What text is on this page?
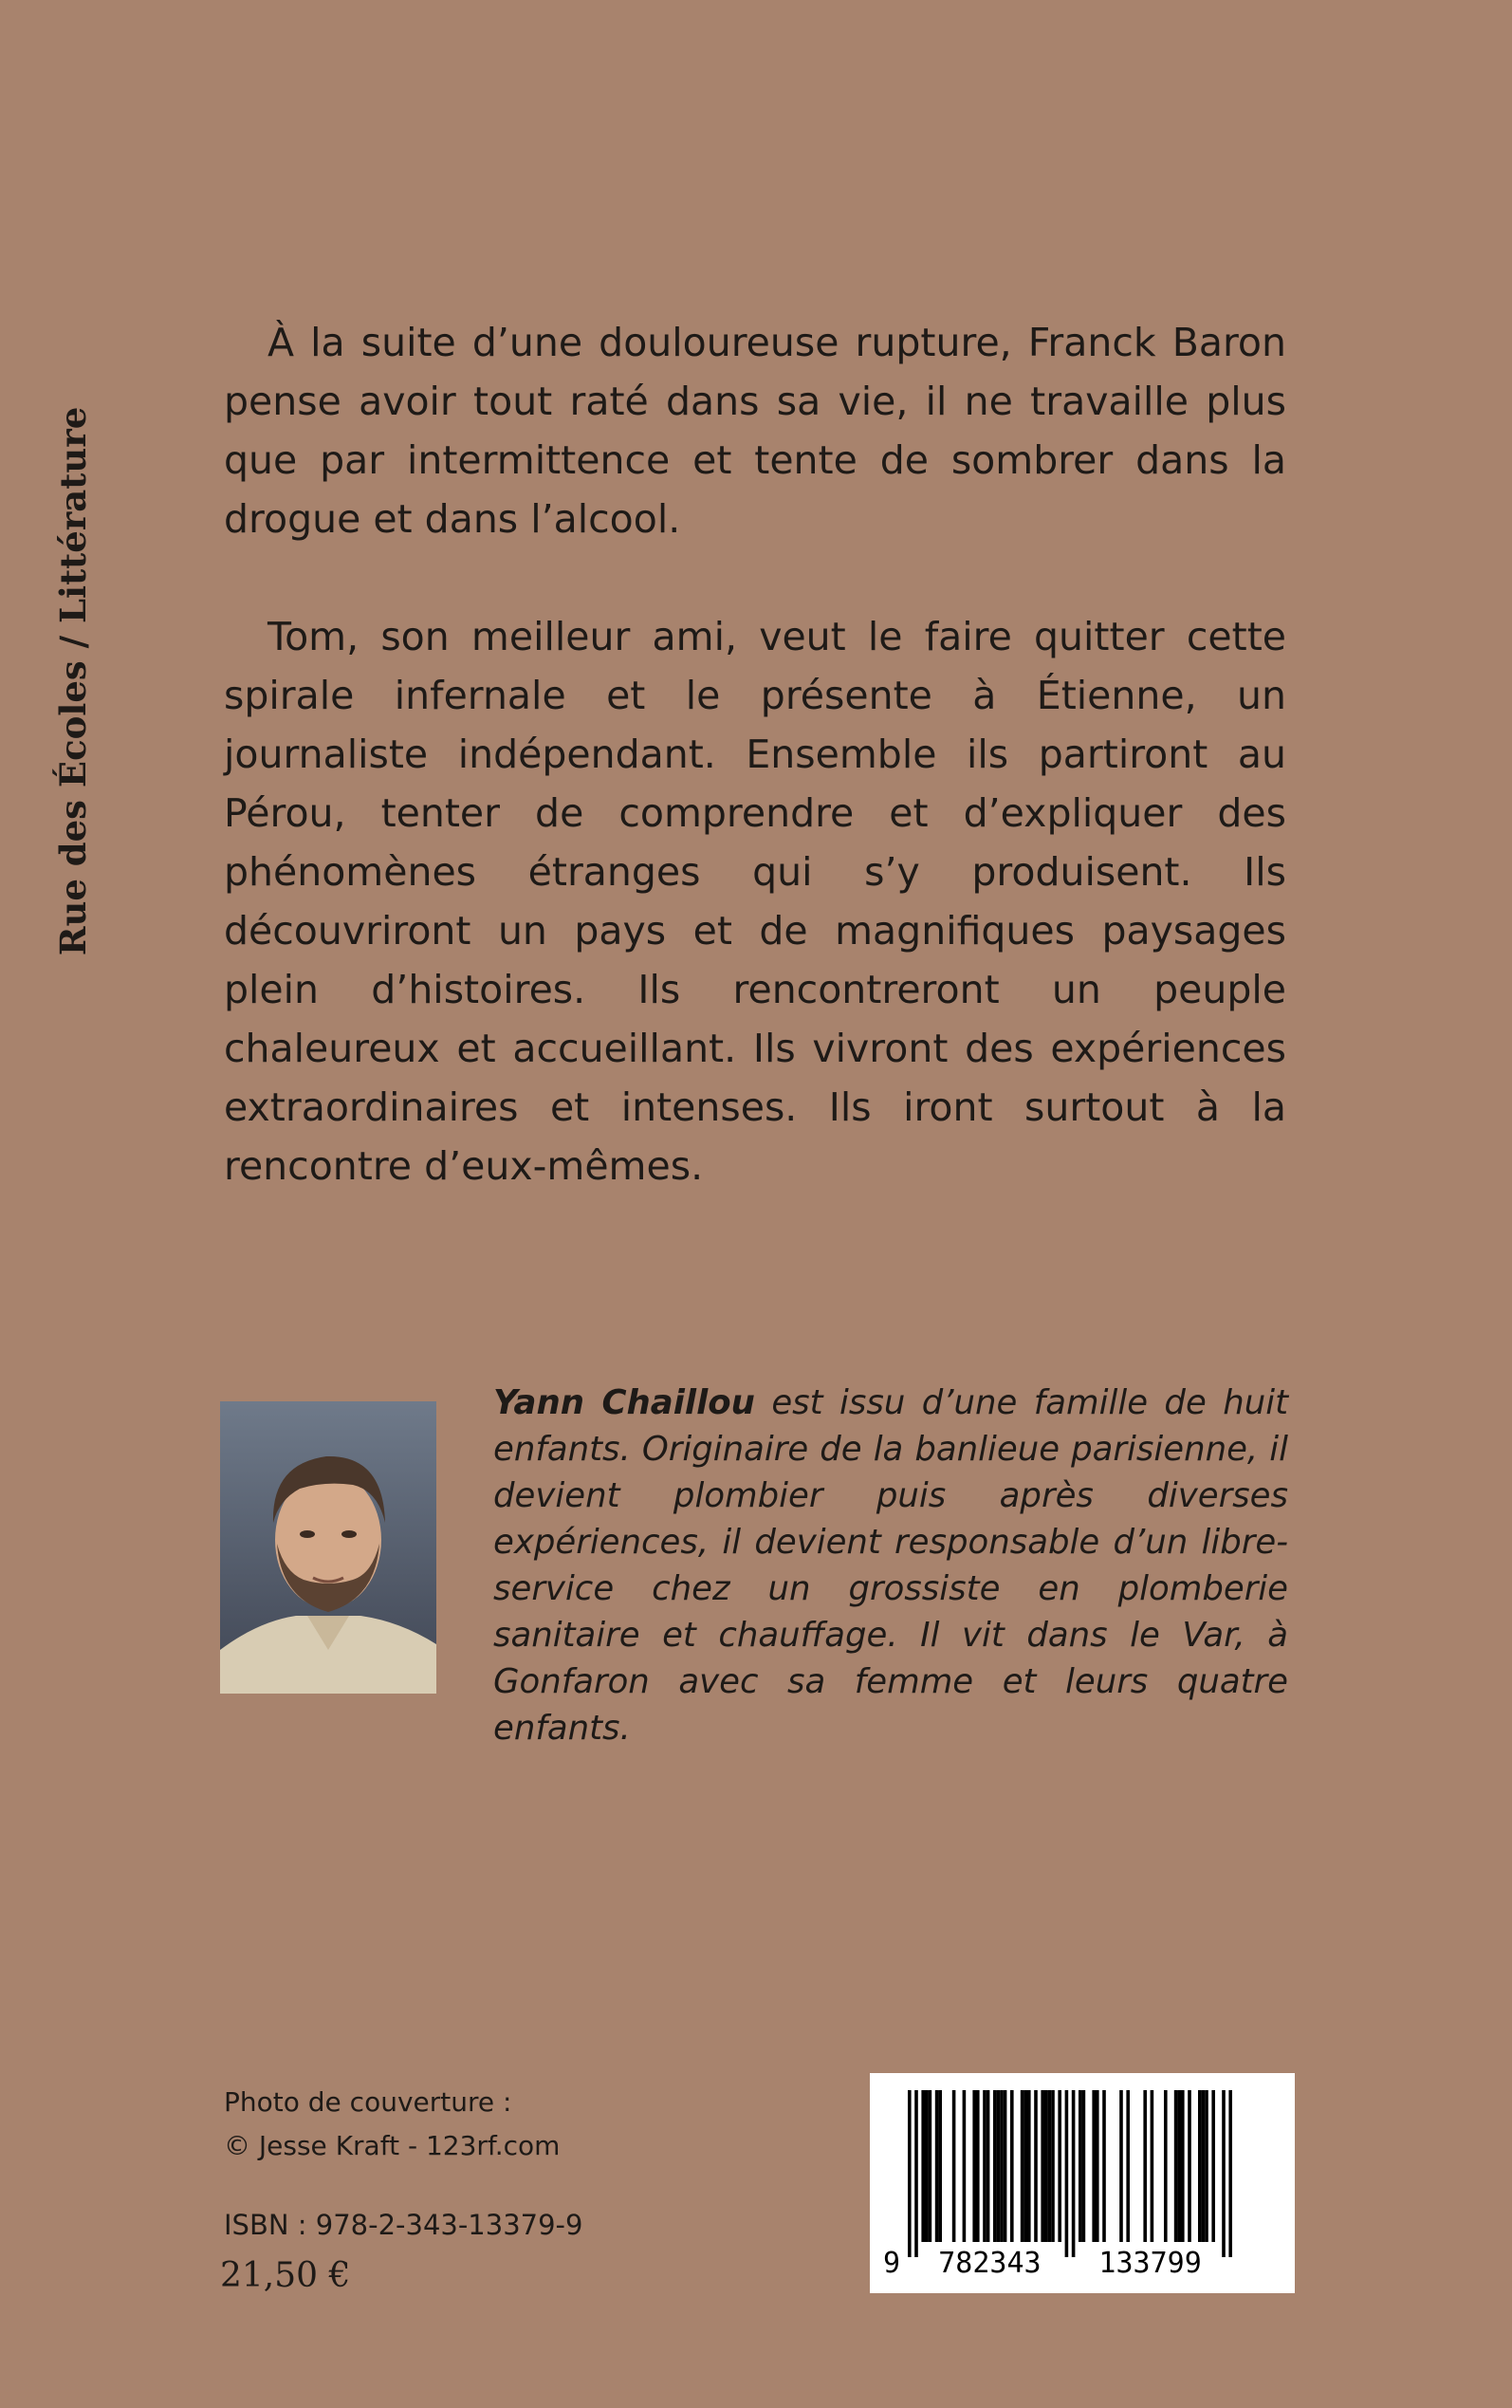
Rue des Écoles / Littérature

À la suite d’une douloureuse rupture, Franck Baron pense avoir tout raté dans sa vie, il ne travaille plus que par intermittence et tente de sombrer dans la drogue et dans l’alcool.

Tom, son meilleur ami, veut le faire quitter cette spirale infernale et le présente à Étienne, un journaliste indépendant. Ensemble ils partiront au Pérou, tenter de comprendre et d’expliquer des phénomènes étranges qui s’y produisent. Ils découvriront un pays et de magnifiques paysages plein d’histoires. Ils rencontreront un peuple chaleureux et accueillant. Ils vivront des expériences extraordinaires et intenses. Ils iront surtout à la rencontre d’eux-mêmes.

Yann Chaillou est issu d’une famille de huit enfants. Originaire de la banlieue parisienne, il devient plombier puis après diverses expériences, il devient responsable d’un libre-service chez un grossiste en plomberie sanitaire et chauffage. Il vit dans le Var, à Gonfaron avec sa femme et leurs quatre enfants.
Photo de couverture :
© Jesse Kraft - 123rf.com
ISBN : 978-2-343-13379-9
21,50 €	9 782343 133799
